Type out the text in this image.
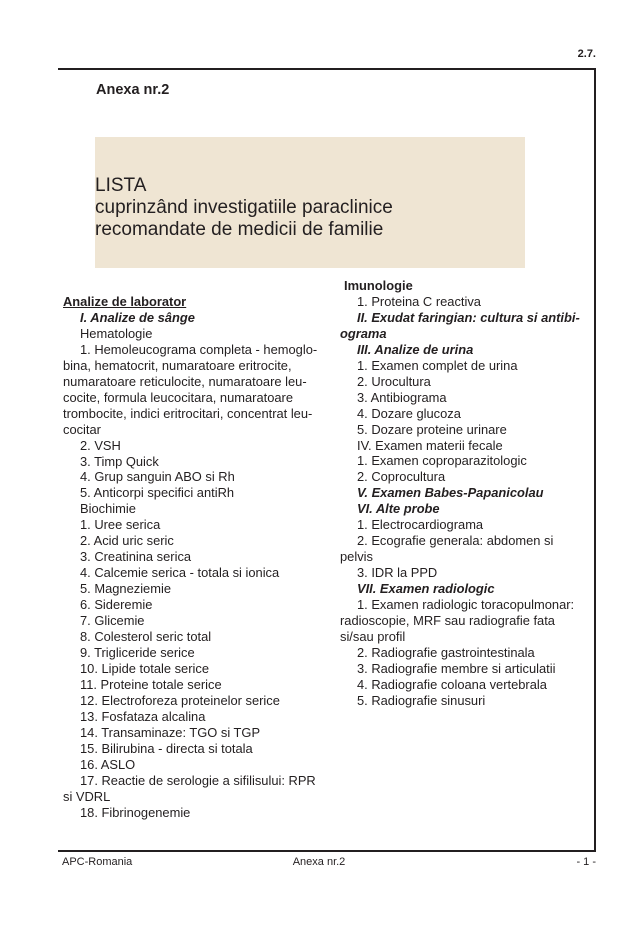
2.7.
Anexa nr.2
LISTA
cuprinzând investigatiile paraclinice
recomandate de medicii de familie
Analize de laborator
I. Analize de sânge
Hematologie
1. Hemoleucograma completa - hemoglo-
bina, hematocrit, numaratoare eritrocite,
numaratoare reticulocite, numaratoare leu-
cocite, formula leucocitara, numaratoare
trombocite, indici eritrocitari, concentrat leu-
cocitar
2. VSH
3. Timp Quick
4. Grup sanguin ABO si Rh
5. Anticorpi specifici antiRh
Biochimie
1. Uree serica
2. Acid uric seric
3. Creatinina serica
4. Calcemie serica - totala si ionica
5. Magneziemie
6. Sideremie
7. Glicemie
8. Colesterol seric total
9. Trigliceride serice
10. Lipide totale serice
11. Proteine totale serice
12. Electroforeza proteinelor serice
13. Fosfataza alcalina
14. Transaminaze: TGO si TGP
15. Bilirubina - directa si totala
16. ASLO
17. Reactie de serologie a sifilisului: RPR
si VDRL
18. Fibrinogenemie
Imunologie
1. Proteina C reactiva
II. Exudat faringian: cultura si antibi-
ograma
III. Analize de urina
1. Examen complet de urina
2. Urocultura
3. Antibiograma
4. Dozare glucoza
5. Dozare proteine urinare
IV. Examen materii fecale
1. Examen coproparazitologic
2. Coprocultura
V. Examen Babes-Papanicolau
VI. Alte probe
1. Electrocardiograma
2. Ecografie generala: abdomen si
pelvis
3. IDR la PPD
VII. Examen radiologic
1. Examen radiologic toracopulmonar:
radioscopie, MRF sau radiografie fata
si/sau profil
2. Radiografie gastrointestinala
3. Radiografie membre si articulatii
4. Radiografie coloana vertebrala
5. Radiografie sinusuri
APC-Romania	Anexa nr.2	- 1 -
